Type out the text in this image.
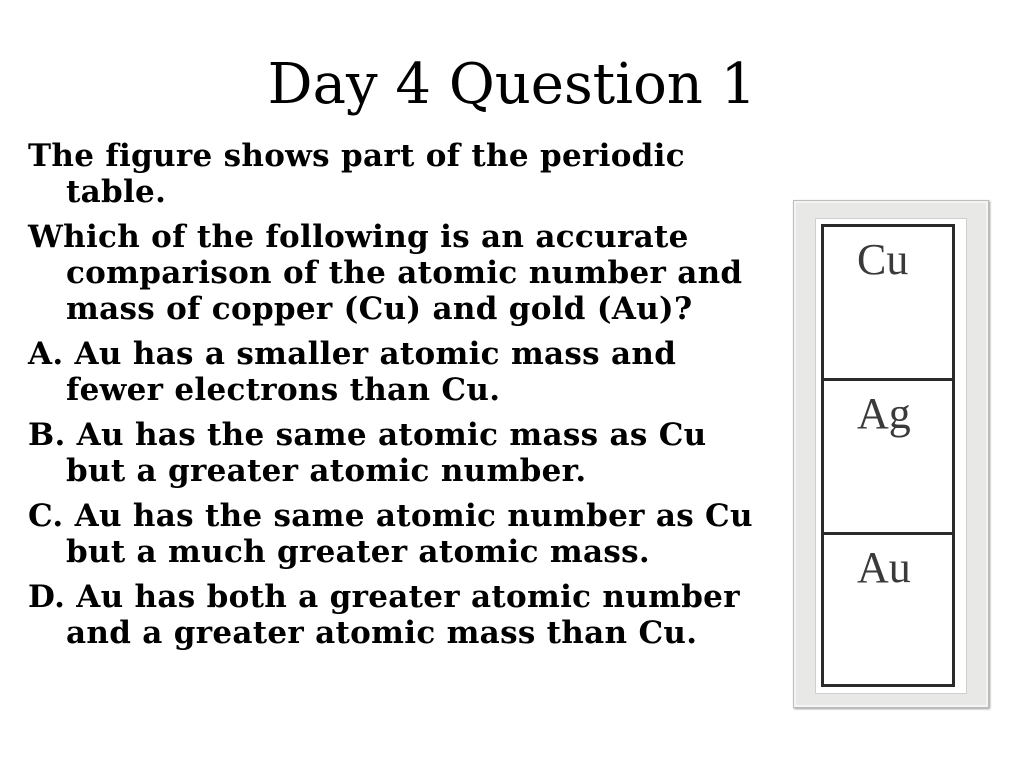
Day 4 Question 1

The figure shows part of the periodic table.

Which of the following is an accurate comparison of the atomic number and mass of copper (Cu) and gold (Au)?

A. Au has a smaller atomic mass and fewer electrons than Cu.

B. Au has the same atomic mass as Cu but a greater atomic number.

C. Au has the same atomic number as Cu but a much greater atomic mass.

D. Au has both a greater atomic number and a greater atomic mass than Cu.

Cu
Ag
Au
